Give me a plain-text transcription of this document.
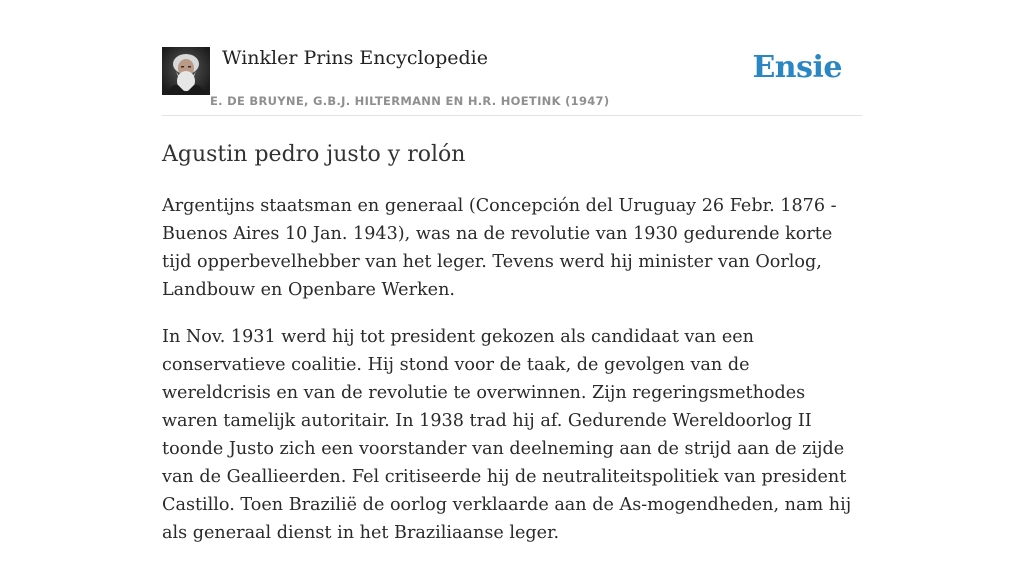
Winkler Prins Encyclopedie
E. DE BRUYNE, G.B.J. HILTERMANN EN H.R. HOETINK (1947)
Ensie
Agustin pedro justo y rolón

Argentijns staatsman en generaal (Concepción del Uruguay 26 Febr. 1876 - Buenos Aires 10 Jan. 1943), was na de revolutie van 1930 gedurende korte tijd opperbevelhebber van het leger. Tevens werd hij minister van Oorlog, Landbouw en Openbare Werken.

In Nov. 1931 werd hij tot president gekozen als candidaat van een conservatieve coalitie. Hij stond voor de taak, de gevolgen van de wereldcrisis en van de revolutie te overwinnen. Zijn regeringsmethodes waren tamelijk autoritair. In 1938 trad hij af. Gedurende Wereldoorlog II toonde Justo zich een voorstander van deelneming aan de strijd aan de zijde van de Geallieerden. Fel critiseerde hij de neutraliteitspolitiek van president Castillo. Toen Brazilië de oorlog verklaarde aan de As-mogendheden, nam hij als generaal dienst in het Braziliaanse leger.
